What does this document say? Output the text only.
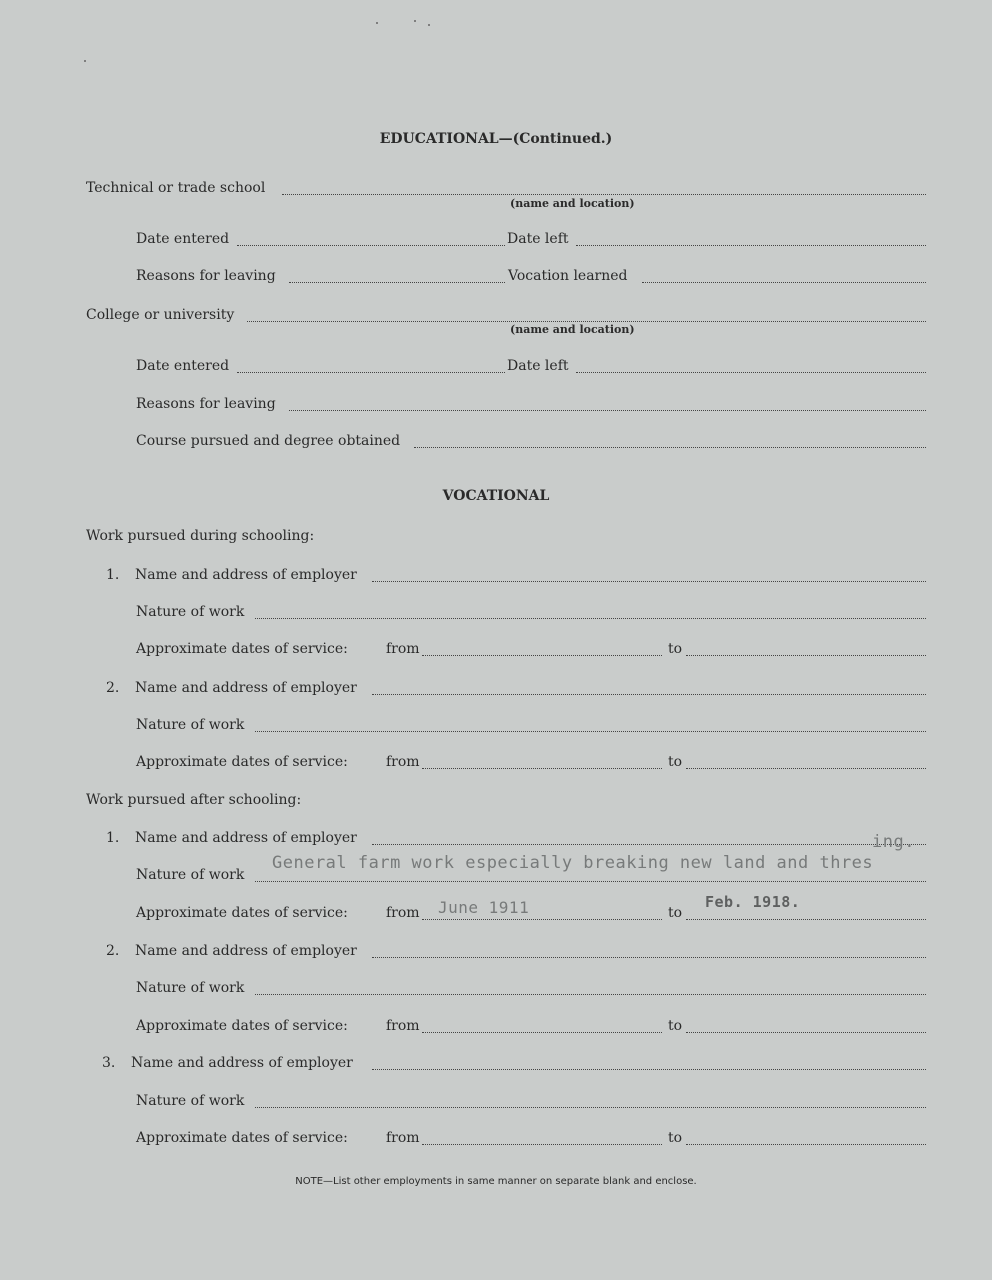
EDUCATIONAL—(Continued.)
Technical or trade school
(name and location)
Date entered	Date left
Reasons for leaving	Vocation learned
College or university
(name and location)
Date entered	Date left
Reasons for leaving
Course pursued and degree obtained
VOCATIONAL
Work pursued during schooling:
1. Name and address of employer
Nature of work
Approximate dates of service:	from	to
2. Name and address of employer
Nature of work
Approximate dates of service:	from	to
Work pursued after schooling:
1. Name and address of employer	ing.
Nature of work
General farm work especially breaking new land and thres
Approximate dates of service:	from	to
June 1911	Feb. 1918.
2. Name and address of employer
Nature of work
Approximate dates of service:	from	to
3. Name and address of employer
Nature of work
Approximate dates of service:	from	to
NOTE—List other employments in same manner on separate blank and enclose.
